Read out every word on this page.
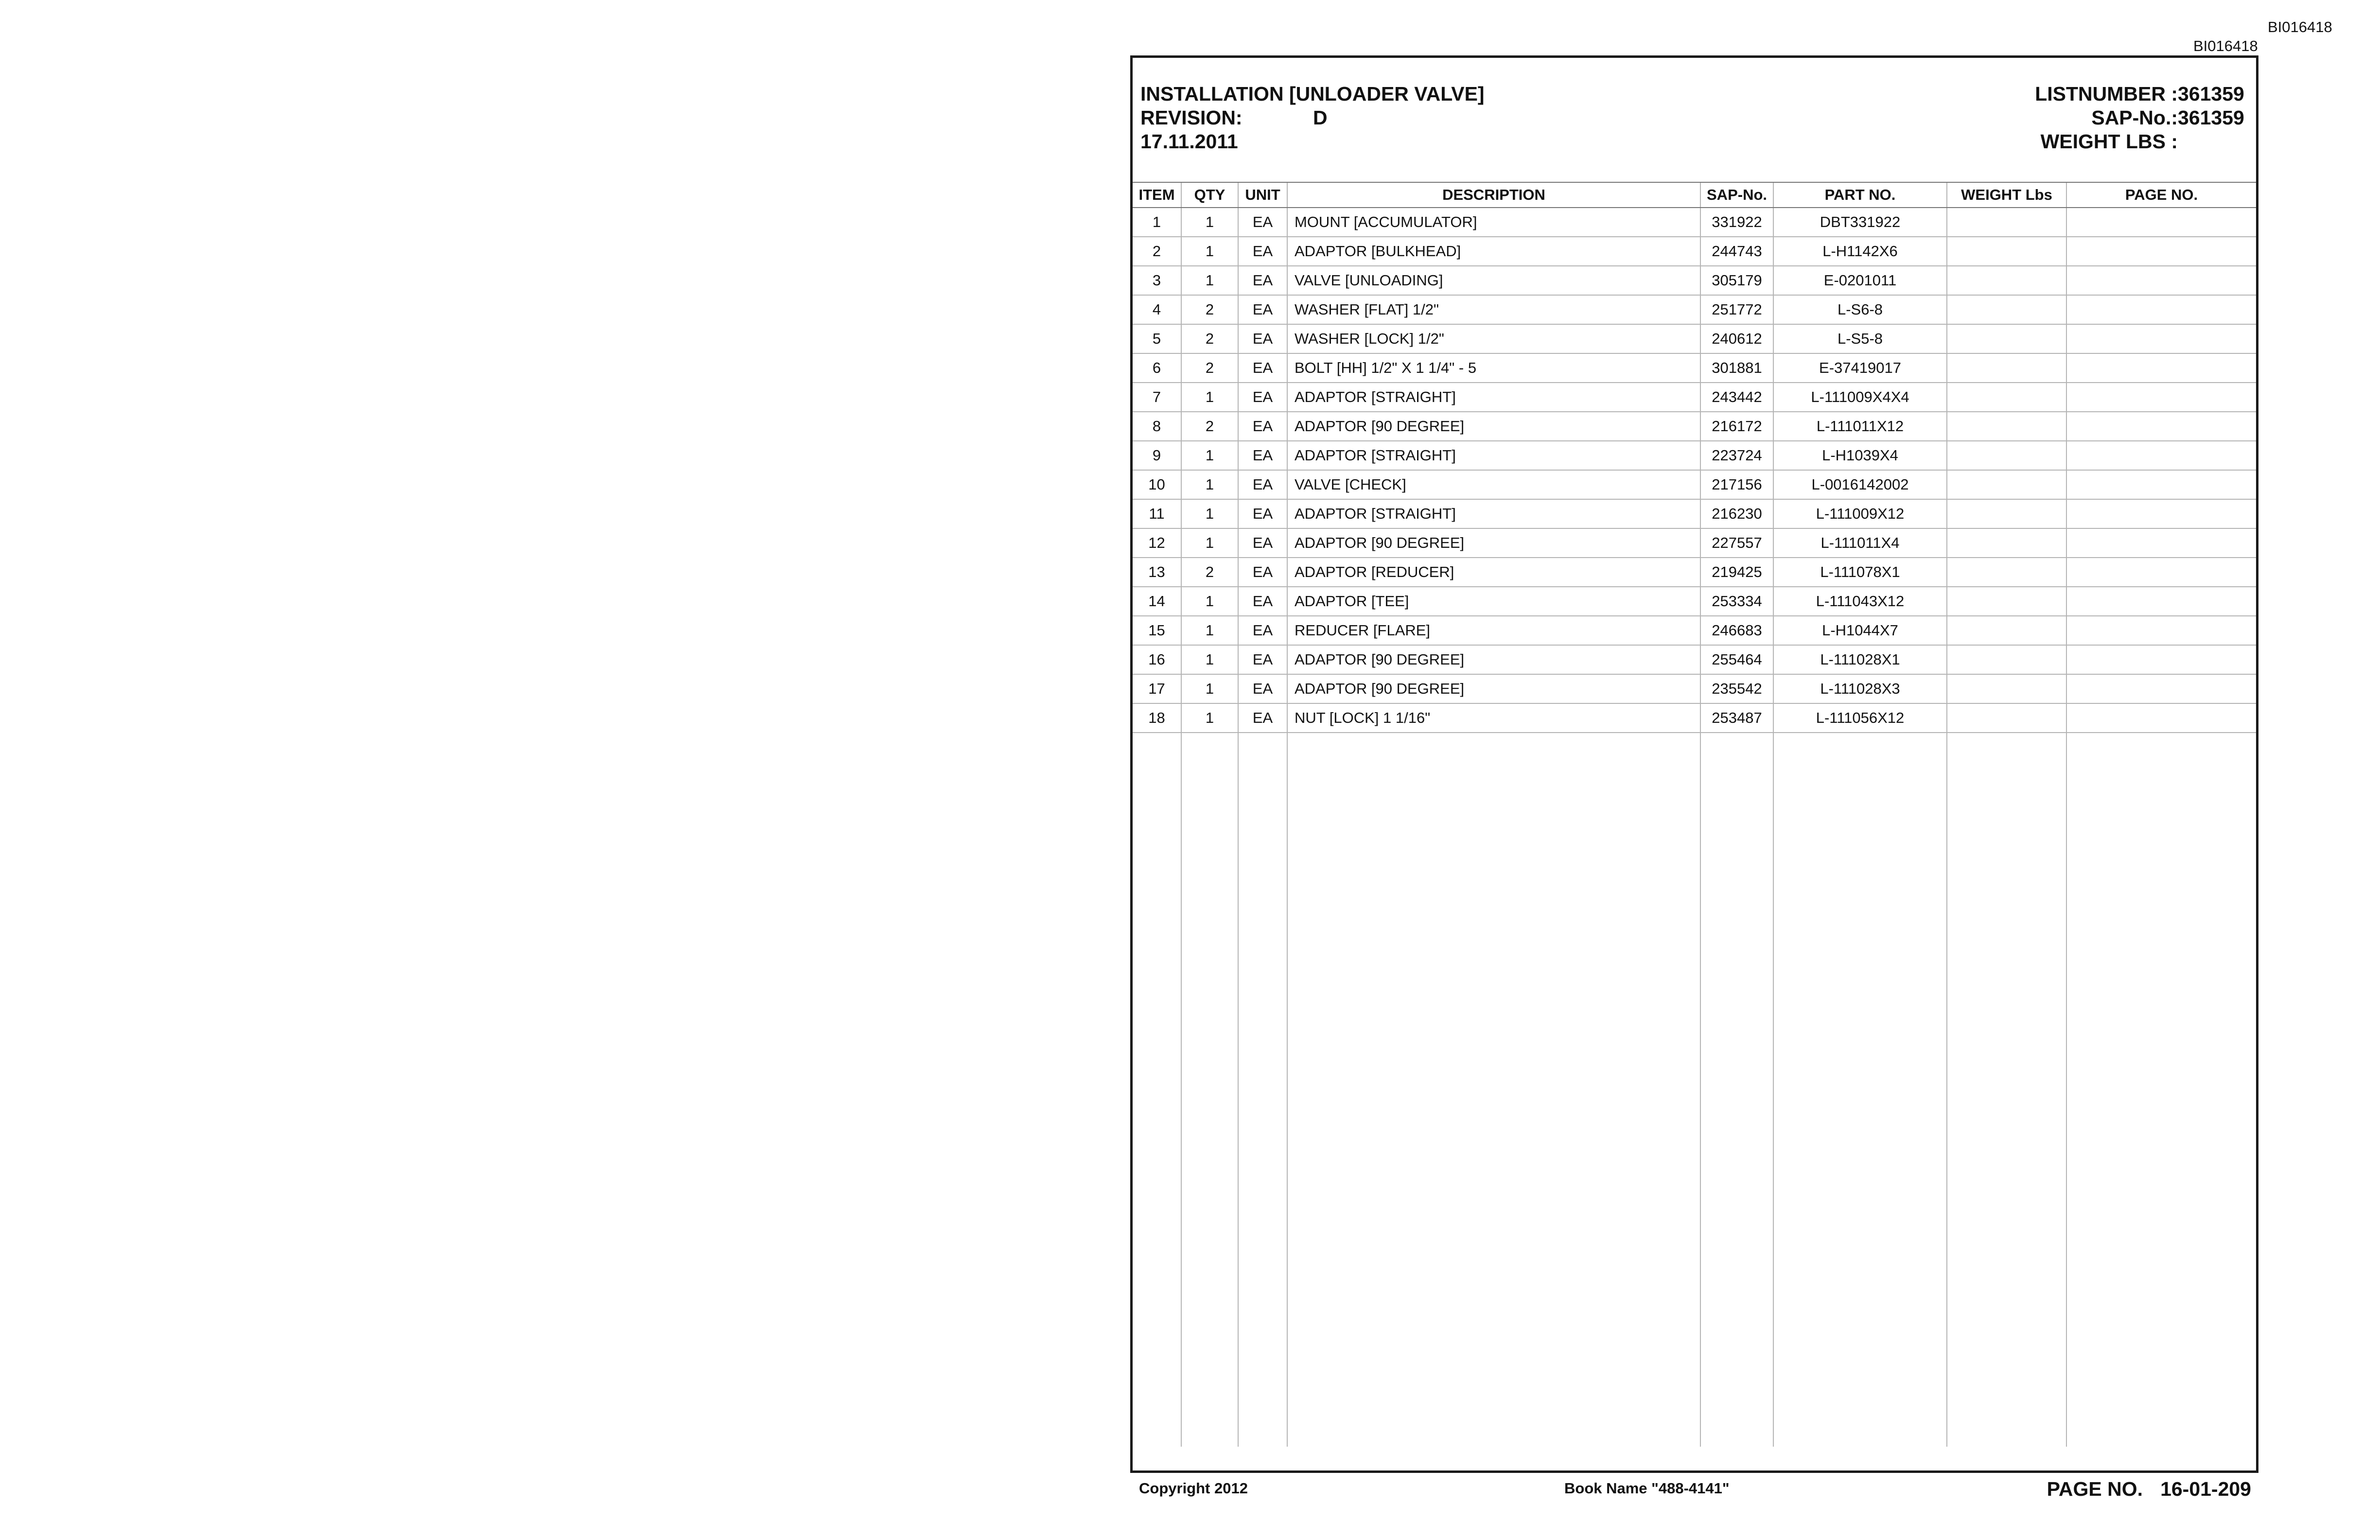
BI016418
BI016418
INSTALLATION [UNLOADER VALVE]
REVISION:	D
17.11.2011
LISTNUMBER : 361359
SAP-No.: 361359
WEIGHT LBS :
ITEM	QTY	UNIT	DESCRIPTION	SAP-No.	PART NO.	WEIGHT Lbs	PAGE NO.
1	1	EA	MOUNT [ACCUMULATOR]	331922	DBT331922		
2	1	EA	ADAPTOR [BULKHEAD]	244743	L-H1142X6		
3	1	EA	VALVE [UNLOADING]	305179	E-0201011		
4	2	EA	WASHER [FLAT] 1/2"	251772	L-S6-8		
5	2	EA	WASHER [LOCK] 1/2"	240612	L-S5-8		
6	2	EA	BOLT [HH] 1/2" X 1 1/4" - 5	301881	E-37419017		
7	1	EA	ADAPTOR [STRAIGHT]	243442	L-111009X4X4		
8	2	EA	ADAPTOR [90 DEGREE]	216172	L-111011X12		
9	1	EA	ADAPTOR [STRAIGHT]	223724	L-H1039X4		
10	1	EA	VALVE [CHECK]	217156	L-0016142002		
11	1	EA	ADAPTOR [STRAIGHT]	216230	L-111009X12		
12	1	EA	ADAPTOR [90 DEGREE]	227557	L-111011X4		
13	2	EA	ADAPTOR [REDUCER]	219425	L-111078X1		
14	1	EA	ADAPTOR [TEE]	253334	L-111043X12		
15	1	EA	REDUCER [FLARE]	246683	L-H1044X7		
16	1	EA	ADAPTOR [90 DEGREE]	255464	L-111028X1		
17	1	EA	ADAPTOR [90 DEGREE]	235542	L-111028X3		
18	1	EA	NUT [LOCK] 1 1/16"	253487	L-111056X12		

Copyright 2012	Book Name "488-4141"	PAGE NO. 16-01-209
